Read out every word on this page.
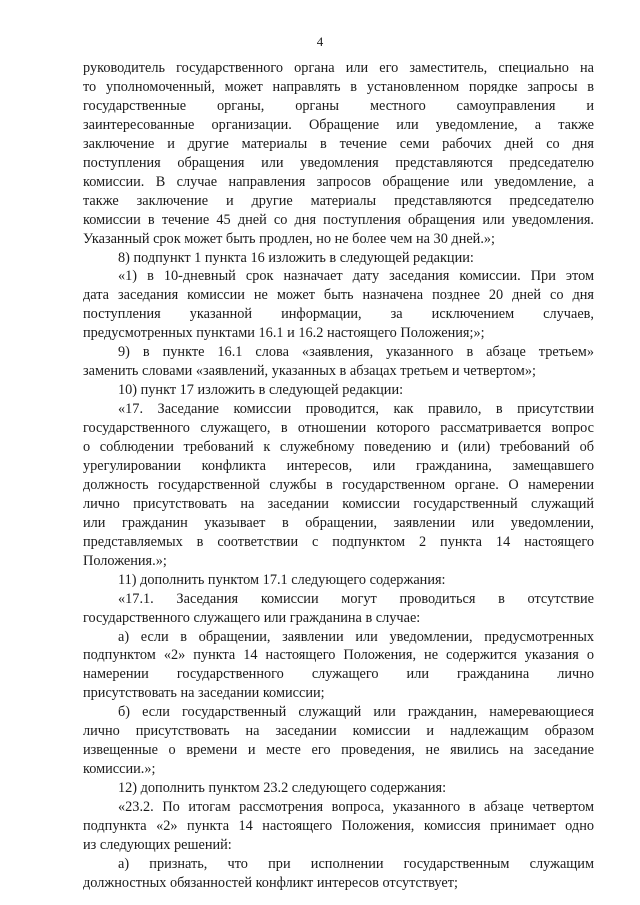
4
руководитель государственного органа или его заместитель, специально на
то уполномоченный, может направлять в установленном порядке запросы в
государственные органы, органы местного самоуправления и
заинтересованные организации. Обращение или уведомление, а также
заключение и другие материалы в течение семи рабочих дней со дня
поступления обращения или уведомления представляются председателю
комиссии. В случае направления запросов обращение или уведомление, а
также заключение и другие материалы представляются председателю
комиссии в течение 45 дней со дня поступления обращения или уведомления.
Указанный срок может быть продлен, но не более чем на 30 дней.»;
8) подпункт 1 пункта 16 изложить в следующей редакции:
«1) в 10-дневный срок назначает дату заседания комиссии. При этом
дата заседания комиссии не может быть назначена позднее 20 дней со дня
поступления указанной информации, за исключением случаев,
предусмотренных пунктами 16.1 и 16.2 настоящего Положения;»;
9) в пункте 16.1 слова «заявления, указанного в абзаце третьем»
заменить словами «заявлений, указанных в абзацах третьем и четвертом»;
10) пункт 17 изложить в следующей редакции:
«17. Заседание комиссии проводится, как правило, в присутствии
государственного служащего, в отношении которого рассматривается вопрос
о соблюдении требований к служебному поведению и (или) требований об
урегулировании конфликта интересов, или гражданина, замещавшего
должность государственной службы в государственном органе. О намерении
лично присутствовать на заседании комиссии государственный служащий
или гражданин указывает в обращении, заявлении или уведомлении,
представляемых в соответствии с подпунктом 2 пункта 14 настоящего
Положения.»;
11) дополнить пунктом 17.1 следующего содержания:
«17.1. Заседания комиссии могут проводиться в отсутствие
государственного служащего или гражданина в случае:
а) если в обращении, заявлении или уведомлении, предусмотренных
подпунктом «2» пункта 14 настоящего Положения, не содержится указания о
намерении государственного служащего или гражданина лично
присутствовать на заседании комиссии;
б) если государственный служащий или гражданин, намеревающиеся
лично присутствовать на заседании комиссии и надлежащим образом
извещенные о времени и месте его проведения, не явились на заседание
комиссии.»;
12) дополнить пунктом 23.2 следующего содержания:
«23.2. По итогам рассмотрения вопроса, указанного в абзаце четвертом
подпункта «2» пункта 14 настоящего Положения, комиссия принимает одно
из следующих решений:
а) признать, что при исполнении государственным служащим
должностных обязанностей конфликт интересов отсутствует;
